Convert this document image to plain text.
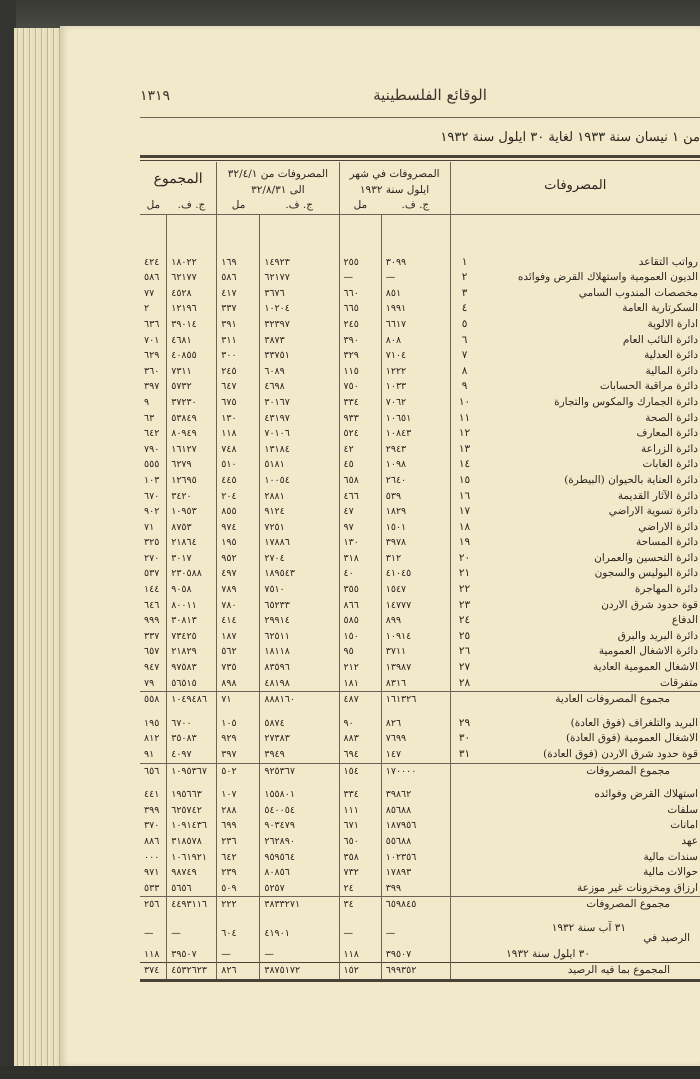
١٣١٩	الوقائع الفلسطينية
من ١ نيسان سنة ١٩٣٣ لغاية ٣٠ ايلول سنة ١٩٣٢
المصروفات	
المصروفات في شهر
ايلول سنة ١٩٣٢

المصروفات من ٣٢/٤/١
الى ٣٢/٨/٣١
	المجموع
		ج. ف.	مل	ج. ف.	مل	ج. ف.	مل

رواتب التقاعد	١	٣٠٩٩	٢٥٥	١٤٩٢٣	١٦٩	١٨٠٢٢	٤٢٤
الديون العمومية واستهلاك القرض وفوائده	٢	—	—	٦٢١٧٧	٥٨٦	٦٢١٧٧	٥٨٦
مخصصات المندوب السامي	٣	٨٥١	٦٦٠	٣٦٧٦	٤١٧	٤٥٢٨	٧٧
السكرتارية العامة	٤	١٩٩١	٦٦٥	١٠٢٠٤	٣٣٧	١٢١٩٦	٢
ادارة الالوية	٥	٦٦١٧	٢٤٥	٣٢٣٩٧	٣٩١	٣٩٠١٤	٦٣٦
دائرة النائب العام	٦	٨٠٨	٣٩٠	٣٨٧٣	٣١١	٤٦٨١	٧٠١
دائرة العدلية	٧	٧١٠٤	٣٢٩	٣٣٧٥١	٣٠٠	٤٠٨٥٥	٦٢٩
دائرة المالية	٨	١٢٢٢	١١٥	٦٠٨٩	٢٤٥	٧٣١١	٣٦٠
دائرة مراقبة الحسابات	٩	١٠٣٣	٧٥٠	٤٦٩٨	٦٤٧	٥٧٣٢	٣٩٧
دائرة الجمارك والمكوس والتجارة	١٠	٧٠٦٢	٣٣٤	٣٠١٦٧	٦٧٥	٣٧٢٣٠	٩
دائرة الصحة	١١	١٠٦٥١	٩٣٣	٤٣١٩٧	١٣٠	٥٣٨٤٩	٦٣
دائرة المعارف	١٢	١٠٨٤٣	٥٢٤	٧٠١٠٦	١١٨	٨٠٩٤٩	٦٤٢
دائرة الزراعة	١٣	٢٩٤٣	٤٢	١٣١٨٤	٧٤٨	١٦١٢٧	٧٩٠
دائرة الغابات	١٤	١٠٩٨	٤٥	٥١٨١	٥١٠	٦٢٧٩	٥٥٥
دائرة العناية بالحيوان (البيطرة)	١٥	٢٦٤٠	٦٥٨	١٠٠٥٤	٤٤٥	١٢٦٩٥	١٠٣
دائرة الآثار القديمة	١٦	٥٣٩	٤٦٦	٢٨٨١	٢٠٤	٣٤٢٠	٦٧٠
دائرة تسوية الاراضي	١٧	١٨٢٩	٤٧	٩١٢٤	٨٥٥	١٠٩٥٣	٩٠٢
دائرة الاراضي	١٨	١٥٠١	٩٧	٧٢٥١	٩٧٤	٨٧٥٣	٧١
دائرة المساحة	١٩	٣٩٧٨	١٣٠	١٧٨٨٦	١٩٥	٢١٨٦٤	٣٢٥
دائرة التحسين والعمران	٢٠	٣١٢	٣١٨	٢٧٠٤	٩٥٢	٣٠١٧	٢٧٠
دائرة البوليس والسجون	٢١	٤١٠٤٥	٤٠	١٨٩٥٤٣	٤٩٧	٢٣٠٥٨٨	٥٣٧
دائرة المهاجرة	٢٢	١٥٤٧	٣٥٥	٧٥١٠	٧٨٩	٩٠٥٨	١٤٤
قوة حدود شرق الاردن	٢٣	١٤٧٧٧	٨٦٦	٦٥٢٣٣	٧٨٠	٨٠٠١١	٦٤٦
الدفاع	٢٤	٨٩٩	٥٨٥	٢٩٩١٤	٤١٤	٣٠٨١٣	٩٩٩
دائرة البريد والبرق	٢٥	١٠٩١٤	١٥٠	٦٢٥١١	١٨٧	٧٣٤٢٥	٣٣٧
دائرة الاشغال العمومية	٢٦	٣٧١١	٩٥	١٨١١٨	٥٦٢	٢١٨٢٩	٦٥٧
الاشغال العمومية العادية	٢٧	١٣٩٨٧	٢١٢	٨٣٥٩٦	٧٣٥	٩٧٥٨٣	٩٤٧
متفرقات	٢٨	٨٣١٦	١٨١	٤٨١٩٨	٨٩٨	٥٦٥١٥	٧٩
مجموع المصروفات العادية		١٦١٣٢٦	٤٨٧	٨٨٨١٦٠	٧١	١٠٤٩٤٨٦	٥٥٨

البريد والتلغراف (فوق العادة)	٢٩	٨٢٦	٩٠	٥٨٧٤	١٠٥	٦٧٠٠	١٩٥
الاشغال العمومية (فوق العادة)	٣٠	٧٦٩٩	٨٨٣	٢٧٣٨٣	٩٢٩	٣٥٠٨٣	٨١٢
قوة حدود شرق الاردن (فوق العادة)	٣١	١٤٧	٦٩٤	٣٩٤٩	٣٩٧	٤٠٩٧	٩١
مجموع المصروفات		١٧٠٠٠٠	١٥٤	٩٢٥٣٦٧	٥٠٢	١٠٩٥٣٦٧	٦٥٦

استهلاك القرض وفوائده		٣٩٨٦٢	٣٣٤	١٥٥٨٠١	١٠٧	١٩٥٦٦٣	٤٤١
سلفات		٨٥٦٨٨	١١١	٥٤٠٠٥٤	٢٨٨	٦٢٥٧٤٢	٣٩٩
امانات		١٨٧٩٥٦	٦٧١	٩٠٣٤٧٩	٦٩٩	١٠٩١٤٣٦	٣٧٠
عهد		٥٥٦٨٨	٦٥٠	٢٦٢٨٩٠	٢٣٦	٣١٨٥٧٨	٨٨٦
سندات مالية		١٠٢٣٥٦	٣٥٨	٩٥٩٥٦٤	٦٤٢	١٠٦١٩٢١	٠٠٠
حوالات مالية		١٧٨٩٣	٧٣٢	٨٠٨٥٦	٢٣٩	٩٨٧٤٩	٩٧١
ارزاق ومخزونات غير موزعة		٣٩٩	٢٤	٥٢٥٧	٥٠٩	٥٦٥٦	٥٣٣
مجموع المصروفات		٦٥٩٨٤٥	٣٤	٣٨٣٣٢٧١	٢٢٢	٤٤٩٣١١٦	٢٥٦

الرصيد في ٣١ آب سنة ١٩٣٢		—	—	٤١٩٠١	٦٠٤	—	—
٣٠ ايلول سنة ١٩٣٢		٣٩٥٠٧	١١٨	—	—	٣٩٥٠٧	١١٨
المجموع بما فيه الرصيد		٦٩٩٣٥٢	١٥٢	٣٨٧٥١٧٢	٨٢٦	٤٥٣٢٦٢٣	٣٧٤
